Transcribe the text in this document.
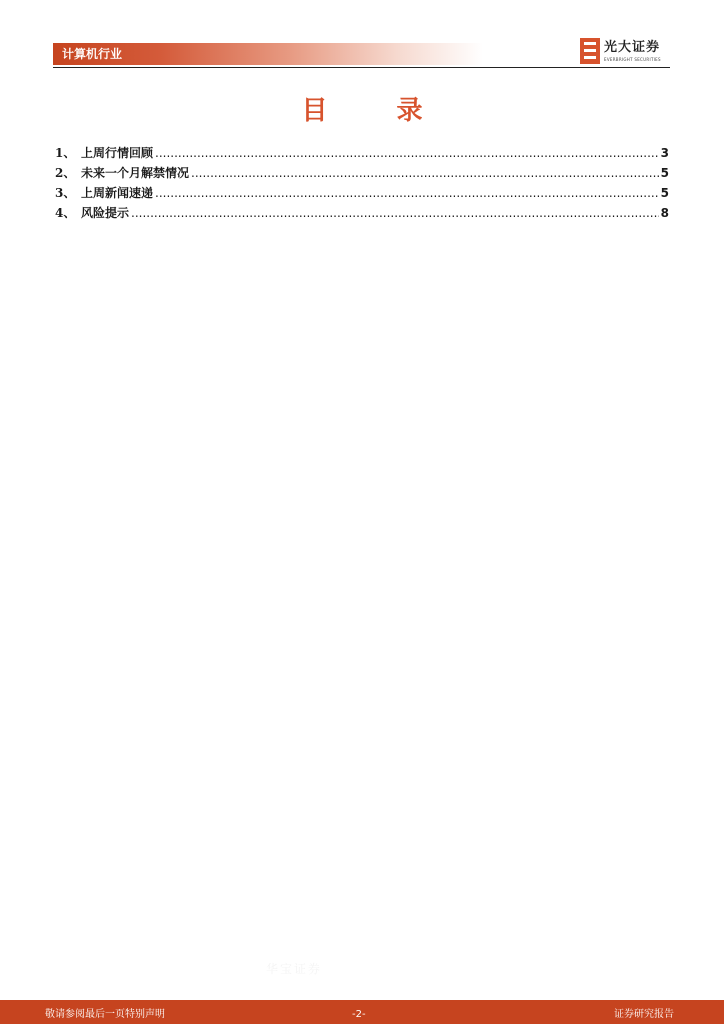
计算机行业	光大证券
EVERBRIGHT SECURITIES
目 录
1、 上周行情回顾 .....	3
2、 未来一个月解禁情况 .....	5
3、 上周新闻速递 .....	5
4、 风险提示 .....	8
华宝证券
敬请参阅最后一页特别声明	-2-	证券研究报告
